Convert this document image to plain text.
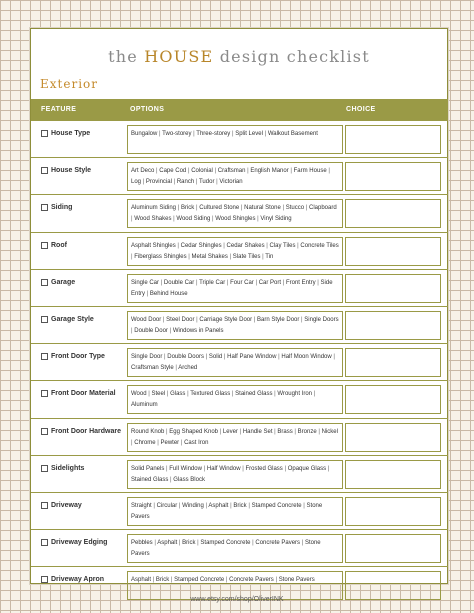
the HOUSE design checklist
Exterior
FEATURE	OPTIONS	CHOICE
House Type	Bungalow | Two-storey | Three-storey | Split Level | Walkout Basement
House Style	Art Deco | Cape Cod | Colonial | Craftsman | English Manor | Farm House | Log | Provincial | Ranch | Tudor | Victorian
Siding	Aluminum Siding | Brick | Cultured Stone | Natural Stone | Stucco | Clapboard | Wood Shakes | Wood Siding | Wood Shingles | Vinyl Siding
Roof	Asphalt Shingles | Cedar Shingles | Cedar Shakes | Clay Tiles | Concrete Tiles | Fiberglass Shingles | Metal Shakes | Slate Tiles | Tin
Garage	Single Car | Double Car | Triple Car | Four Car | Car Port | Front Entry | Side Entry | Behind House
Garage Style	Wood Door | Steel Door | Carriage Style Door | Barn Style Door | Single Doors | Double Door | Windows in Panels
Front Door Type	Single Door | Double Doors | Solid | Half Pane Window | Half Moon Window | Craftsman Style | Arched
Front Door Material	Wood | Steel | Glass | Textured Glass | Stained Glass | Wrought Iron | Aluminum
Front Door Hardware	Round Knob | Egg Shaped Knob | Lever | Handle Set | Brass | Bronze | Nickel | Chrome | Pewter | Cast Iron
Sidelights	Solid Panels | Full Window | Half Window | Frosted Glass | Opaque Glass | Stained Glass | Glass Block
Driveway	Straight | Circular | Winding | Asphalt | Brick | Stamped Concrete | Stone Pavers
Driveway Edging	Pebbles | Asphalt | Brick | Stamped Concrete | Concrete Pavers | Stone Pavers
Driveway Apron	Asphalt | Brick | Stamped Concrete | Concrete Pavers | Stone Pavers
www.etsy.com/shop/OliverINK
